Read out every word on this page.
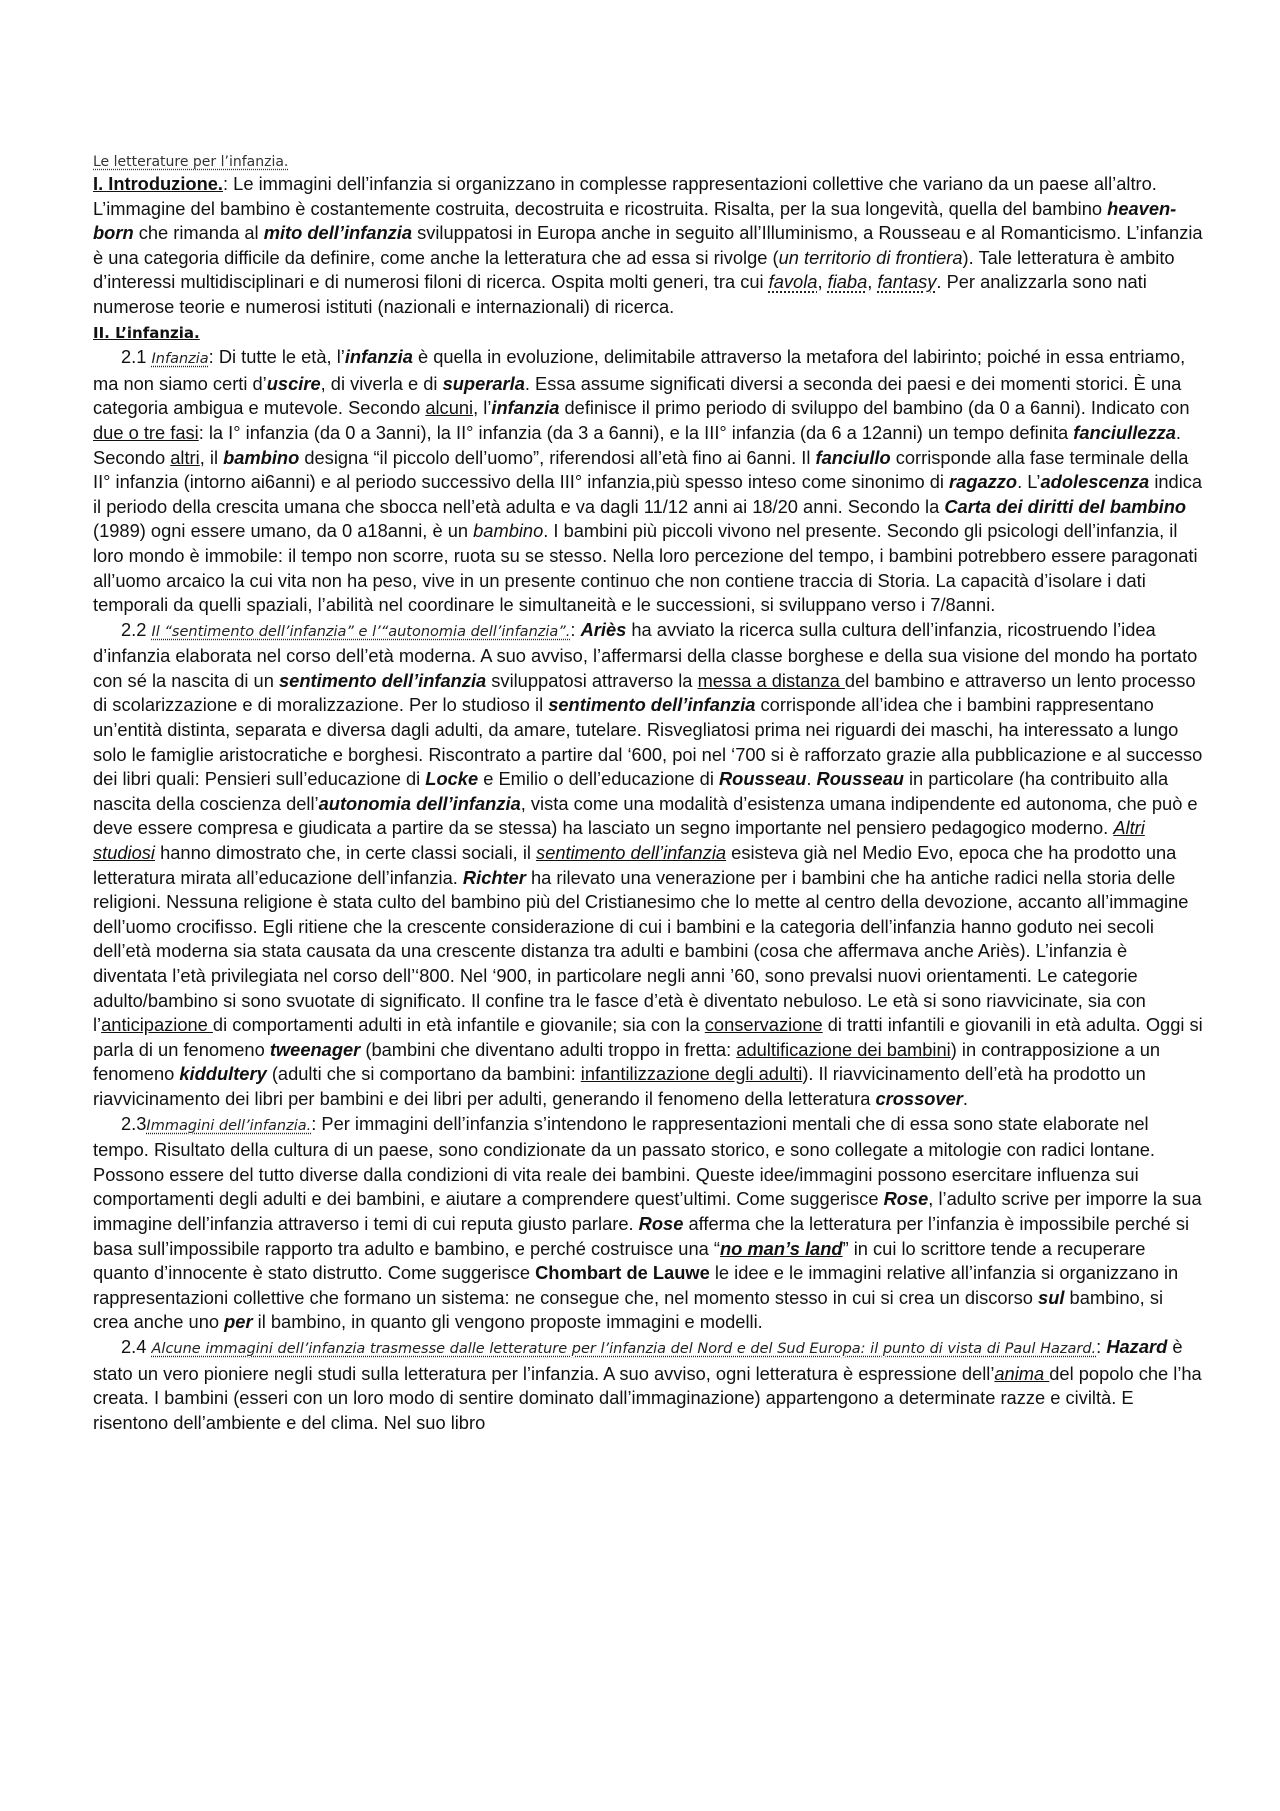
Le letterature per l’infanzia.

I. Introduzione.: Le immagini dell’infanzia si organizzano in complesse rappresentazioni collettive che variano da un paese all’altro. L’immagine del bambino è costantemente costruita, decostruita e ricostruita. Risalta, per la sua longevità, quella del bambino heaven-born che rimanda al mito dell’infanzia sviluppatosi in Europa anche in seguito all’Illuminismo, a Rousseau e al Romanticismo. L’infanzia è una categoria difficile da definire, come anche la letteratura che ad essa si rivolge (un territorio di frontiera). Tale letteratura è ambito d’interessi multidisciplinari e di numerosi filoni di ricerca. Ospita molti generi, tra cui favola, fiaba, fantasy. Per analizzarla sono nati numerose teorie e numerosi istituti (nazionali e internazionali) di ricerca.

II. L’infanzia.

2.1 Infanzia: Di tutte le età, l’infanzia è quella in evoluzione, delimitabile attraverso la metafora del labirinto; poiché in essa entriamo, ma non siamo certi d’uscire, di viverla e di superarla. Essa assume significati diversi a seconda dei paesi e dei momenti storici. È una categoria ambigua e mutevole. Secondo alcuni, l’infanzia definisce il primo periodo di sviluppo del bambino (da 0 a 6anni). Indicato con due o tre fasi: la I° infanzia (da 0 a 3anni), la II° infanzia (da 3 a 6anni), e la III° infanzia (da 6 a 12anni) un tempo definita fanciullezza. Secondo altri, il bambino designa “il piccolo dell’uomo”, riferendosi all’età fino ai 6anni. Il fanciullo corrisponde alla fase terminale della II° infanzia (intorno ai6anni) e al periodo successivo della III° infanzia,più spesso inteso come sinonimo di ragazzo. L’adolescenza indica il periodo della crescita umana che sbocca nell’età adulta e va dagli 11/12 anni ai 18/20 anni. Secondo la Carta dei diritti del bambino (1989) ogni essere umano, da 0 a18anni, è un bambino. I bambini più piccoli vivono nel presente. Secondo gli psicologi dell’infanzia, il loro mondo è immobile: il tempo non scorre, ruota su se stesso. Nella loro percezione del tempo, i bambini potrebbero essere paragonati all’uomo arcaico la cui vita non ha peso, vive in un presente continuo che non contiene traccia di Storia. La capacità d’isolare i dati temporali da quelli spaziali, l’abilità nel coordinare le simultaneità e le successioni, si sviluppano verso i 7/8anni.

2.2 Il “sentimento dell’infanzia” e l’“autonomia dell’infanzia”.: Ariès ha avviato la ricerca sulla cultura dell’infanzia, ricostruendo l’idea d’infanzia elaborata nel corso dell’età moderna. A suo avviso, l’affermarsi della classe borghese e della sua visione del mondo ha portato con sé la nascita di un sentimento dell’infanzia sviluppatosi attraverso la messa a distanza del bambino e attraverso un lento processo di scolarizzazione e di moralizzazione. Per lo studioso il sentimento dell’infanzia corrisponde all’idea che i bambini rappresentano un’entità distinta, separata e diversa dagli adulti, da amare, tutelare. Risvegliatosi prima nei riguardi dei maschi, ha interessato a lungo solo le famiglie aristocratiche e borghesi. Riscontrato a partire dal ‘600, poi nel ‘700 si è rafforzato grazie alla pubblicazione e al successo dei libri quali: Pensieri sull’educazione di Locke e Emilio o dell’educazione di Rousseau. Rousseau in particolare (ha contribuito alla nascita della coscienza dell’autonomia dell’infanzia, vista come una modalità d’esistenza umana indipendente ed autonoma, che può e deve essere compresa e giudicata a partire da se stessa) ha lasciato un segno importante nel pensiero pedagogico moderno. Altri studiosi hanno dimostrato che, in certe classi sociali, il sentimento dell’infanzia esisteva già nel Medio Evo, epoca che ha prodotto una letteratura mirata all’educazione dell’infanzia. Richter ha rilevato una venerazione per i bambini che ha antiche radici nella storia delle religioni. Nessuna religione è stata culto del bambino più del Cristianesimo che lo mette al centro della devozione, accanto all’immagine dell’uomo crocifisso. Egli ritiene che la crescente considerazione di cui i bambini e la categoria dell’infanzia hanno goduto nei secoli dell’età moderna sia stata causata da una crescente distanza tra adulti e bambini (cosa che affermava anche Ariès). L’infanzia è diventata l’età privilegiata nel corso dell’‘800. Nel ‘900, in particolare negli anni ’60, sono prevalsi nuovi orientamenti. Le categorie adulto/bambino si sono svuotate di significato. Il confine tra le fasce d’età è diventato nebuloso. Le età si sono riavvicinate, sia con l’anticipazione di comportamenti adulti in età infantile e giovanile; sia con la conservazione di tratti infantili e giovanili in età adulta. Oggi si parla di un fenomeno tweenager (bambini che diventano adulti troppo in fretta: adultificazione dei bambini) in contrapposizione a un fenomeno kiddultery (adulti che si comportano da bambini: infantilizzazione degli adulti). Il riavvicinamento dell’età ha prodotto un riavvicinamento dei libri per bambini e dei libri per adulti, generando il fenomeno della letteratura crossover.

2.3Immagini dell’infanzia.: Per immagini dell’infanzia s’intendono le rappresentazioni mentali che di essa sono state elaborate nel tempo. Risultato della cultura di un paese, sono condizionate da un passato storico, e sono collegate a mitologie con radici lontane. Possono essere del tutto diverse dalla condizioni di vita reale dei bambini. Queste idee/immagini possono esercitare influenza sui comportamenti degli adulti e dei bambini, e aiutare a comprendere quest’ultimi. Come suggerisce Rose, l’adulto scrive per imporre la sua immagine dell’infanzia attraverso i temi di cui reputa giusto parlare. Rose afferma che la letteratura per l’infanzia è impossibile perché si basa sull’impossibile rapporto tra adulto e bambino, e perché costruisce una “no man’s land” in cui lo scrittore tende a recuperare quanto d’innocente è stato distrutto. Come suggerisce Chombart de Lauwe le idee e le immagini relative all’infanzia si organizzano in rappresentazioni collettive che formano un sistema: ne consegue che, nel momento stesso in cui si crea un discorso sul bambino, si crea anche uno per il bambino, in quanto gli vengono proposte immagini e modelli.

2.4 Alcune immagini dell’infanzia trasmesse dalle letterature per l’infanzia del Nord e del Sud Europa: il punto di vista di Paul Hazard.: Hazard è stato un vero pioniere negli studi sulla letteratura per l’infanzia. A suo avviso, ogni letteratura è espressione dell’anima del popolo che l’ha creata. I bambini (esseri con un loro modo di sentire dominato dall’immaginazione) appartengono a determinate razze e civiltà. E risentono dell’ambiente e del clima. Nel suo libro
